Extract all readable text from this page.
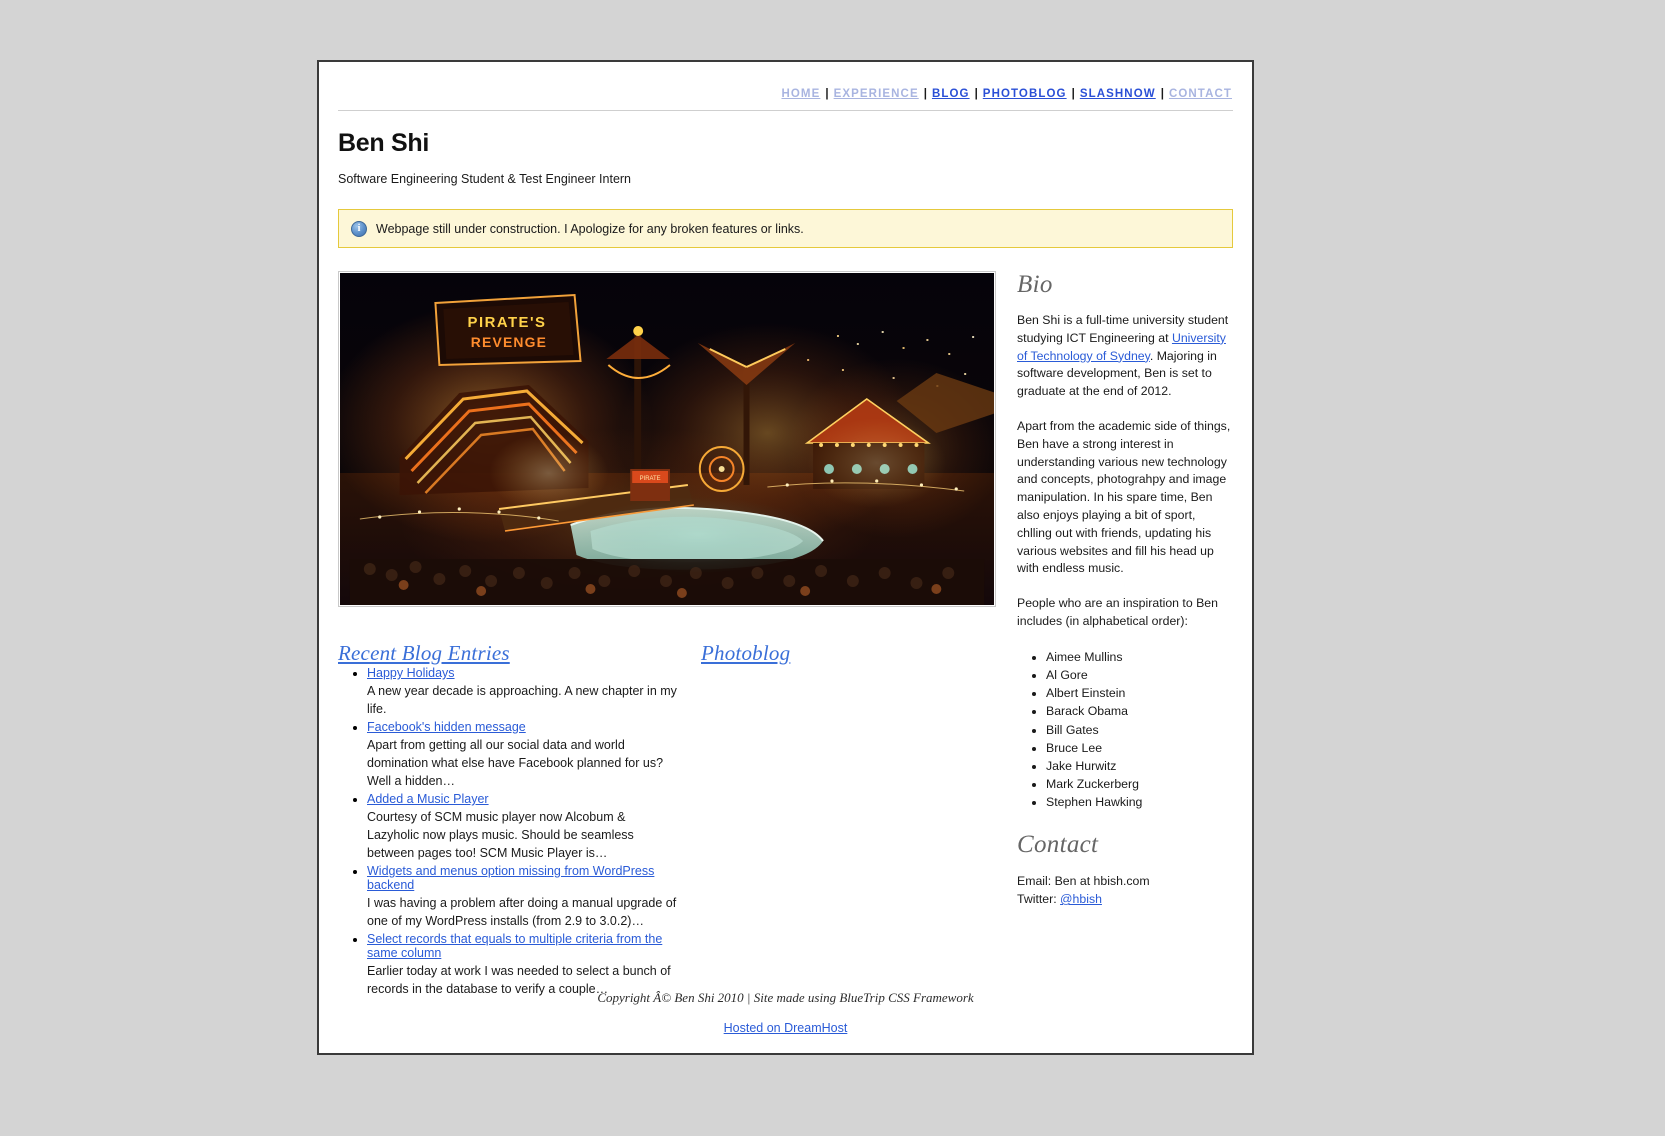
HOME | EXPERIENCE | BLOG | PHOTOBLOG | SLASHNOW | CONTACT
Ben Shi
Software Engineering Student & Test Engineer Intern
i	Webpage still under construction. I Apologize for any broken features or links.
PIRATE'S
REVENGE
PIRATE
Recent Blog Entries
• Happy Holidays
A new year decade is approaching. A new chapter in my life.
• Facebook's hidden message
Apart from getting all our social data and world domination what else have Facebook planned for us? Well a hidden…
• Added a Music Player
Courtesy of SCM music player now Alcobum & Lazyholic now plays music. Should be seamless between pages too! SCM Music Player is…
• Widgets and menus option missing from WordPress backend
I was having a problem after doing a manual upgrade of one of my WordPress installs (from 2.9 to 3.0.2)…
• Select records that equals to multiple criteria from the same column
Earlier today at work I was needed to select a bunch of records in the database to verify a couple…
Photoblog
Bio

Ben Shi is a full-time university student studying ICT Engineering at University of Technology of Sydney. Majoring in software development, Ben is set to graduate at the end of 2012.

Apart from the academic side of things, Ben have a strong interest in understanding various new technology and concepts, photograhpy and image manipulation. In his spare time, Ben also enjoys playing a bit of sport, chlling out with friends, updating his various websites and fill his head up with endless music.

People who are an inspiration to Ben includes (in alphabetical order):

• Aimee Mullins
• Al Gore
• Albert Einstein
• Barack Obama
• Bill Gates
• Bruce Lee
• Jake Hurwitz
• Mark Zuckerberg
• Stephen Hawking
Contact
Email: Ben at hbish.com
Twitter: @hbish
Copyright Â© Ben Shi 2010 | Site made using BlueTrip CSS Framework
Hosted on DreamHost
